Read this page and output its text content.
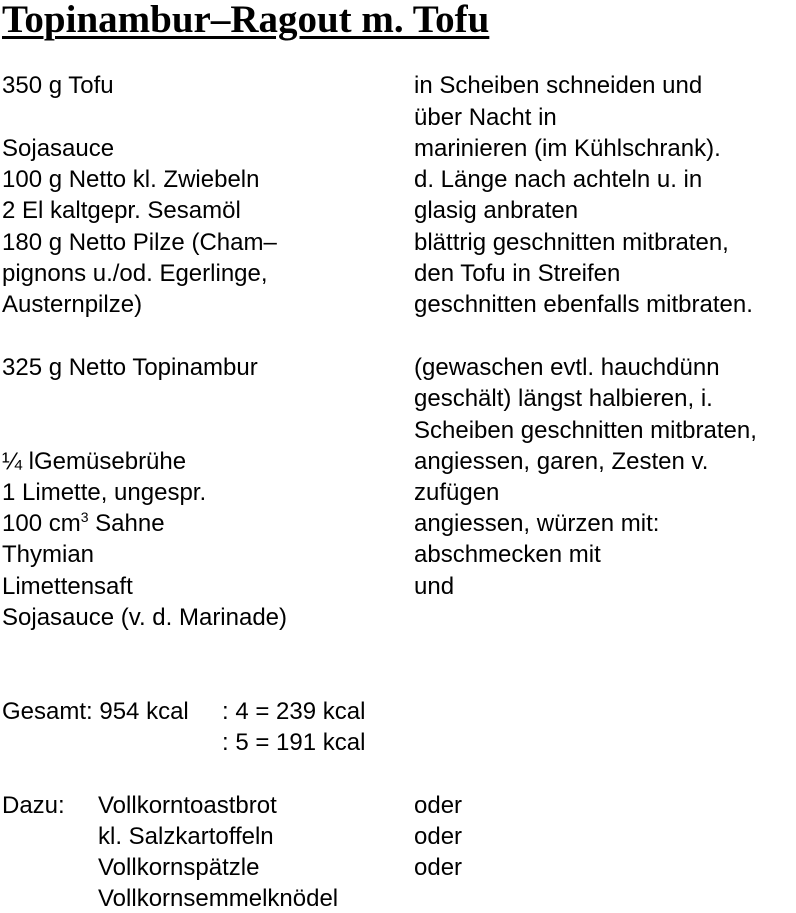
Topinambur–Ragout m. Tofu
350 g Tofu
Sojasauce
100 g Netto kl. Zwiebeln
2 El kaltgepr. Sesamöl
180 g Netto Pilze (Cham–
pignons u./od. Egerlinge,
Austernpilze)
325 g Netto Topinambur
¼ lGemüsebrühe
1 Limette, ungespr.
100 $cm^3$ Sahne
Thymian
Limettensaft
Sojasauce (v. d. Marinade)
in Scheiben schneiden und
über Nacht in
marinieren (im Kühlschrank).
d. Länge nach achteln u. in
glasig anbraten
blättrig geschnitten mitbraten,
den Tofu in Streifen
geschnitten ebenfalls mitbraten.
(gewaschen evtl. hauchdünn
geschält) längst halbieren, i.
Scheiben geschnitten mitbraten,
angiessen, garen, Zesten v.
zufügen
angiessen, würzen mit:
abschmecken mit
und
Gesamt: 954 kcal : 4 = 239 kcal
: 5 = 191 kcal
Dazu: Vollkorntoastbrot
kl. Salzkartoffeln
Vollkornspätzle
Vollkornsemmelknödel
oder
oder
oder
